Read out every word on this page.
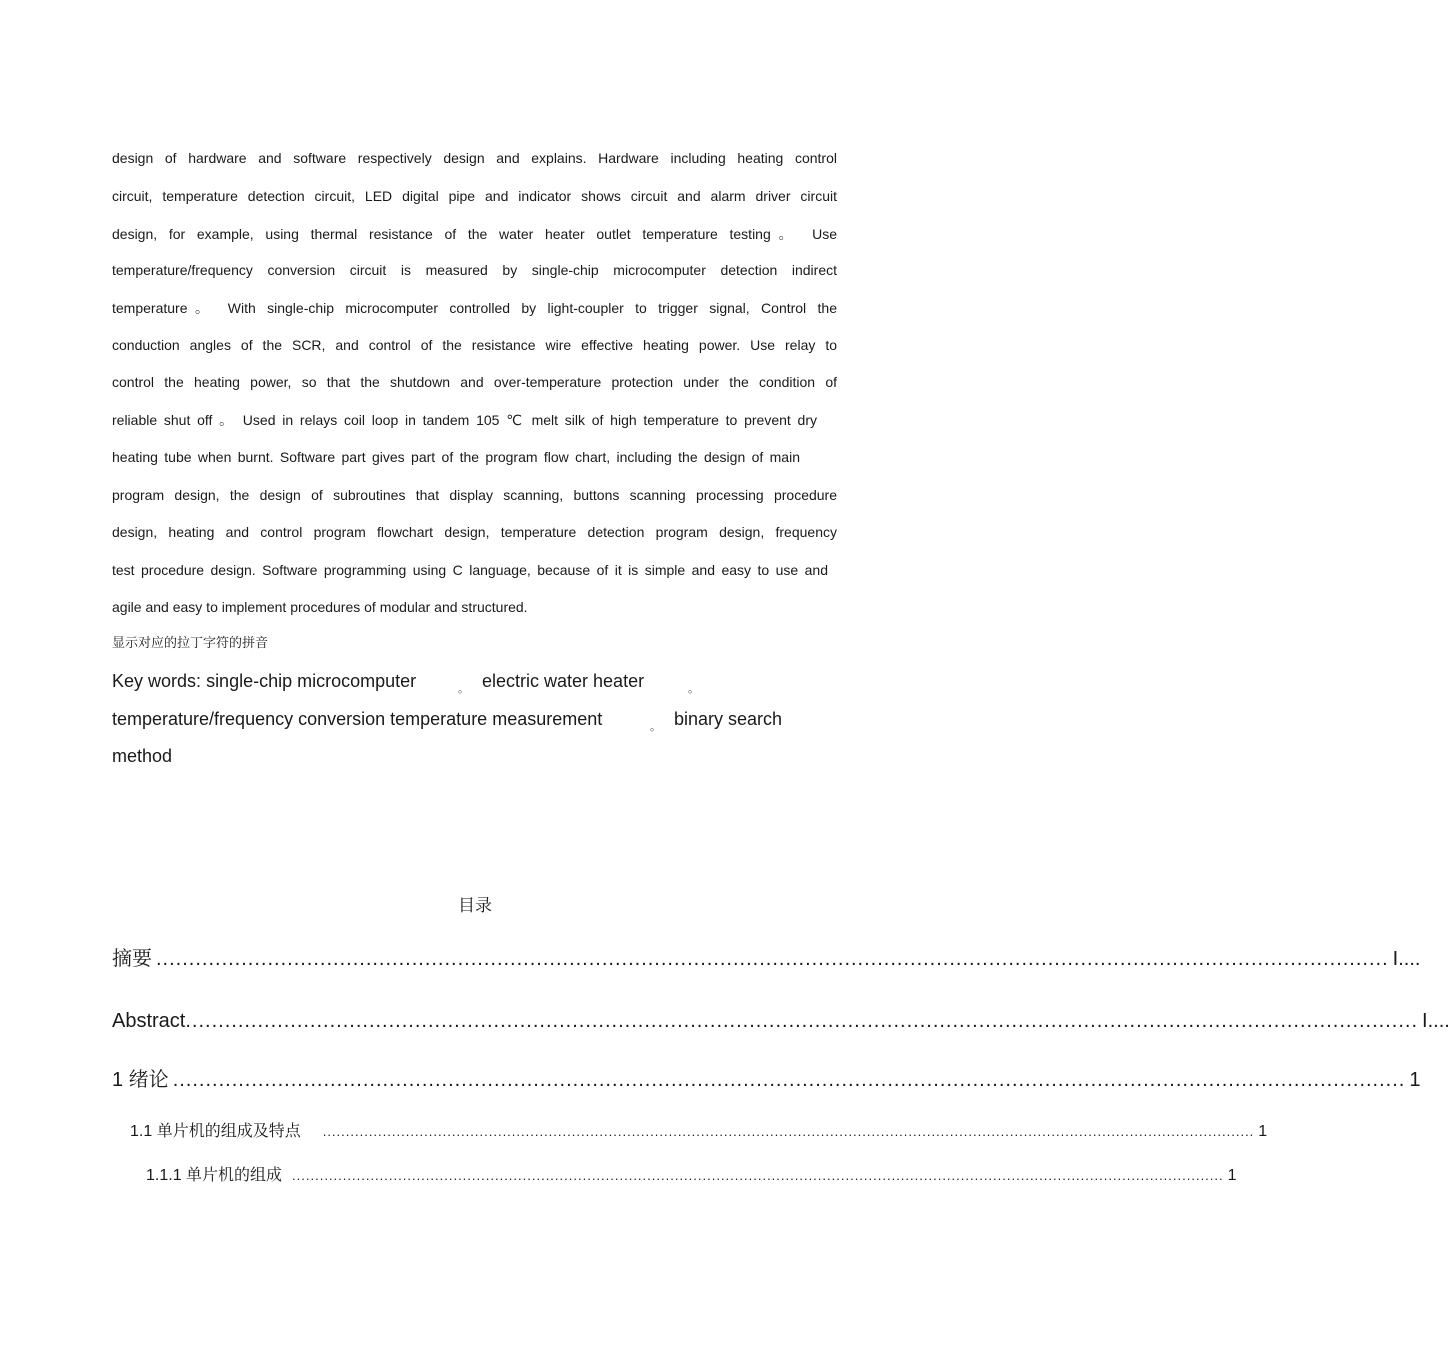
design of hardware and software respectively design and explains. Hardware including heating control
circuit, temperature detection circuit, LED digital pipe and indicator shows circuit and alarm driver circuit
design, for example, using thermal resistance of the water heater outlet temperature testing。 Use
temperature/frequency conversion circuit is measured by single-chip microcomputer detection indirect
temperature。 With single-chip microcomputer controlled by light-coupler to trigger signal, Control the
conduction angles of the SCR, and control of the resistance wire effective heating power. Use relay to
control the heating power, so that the shutdown and over-temperature protection under the condition of
reliable shut off 。 Used in relays coil loop in tandem 105 ℃ melt silk of high temperature to prevent dry
heating tube when burnt. Software part gives part of the program flow chart, including the design of main
program design, the design of subroutines that display scanning, buttons scanning processing procedure
design, heating and control program flowchart design, temperature detection program design, frequency
test procedure design. Software programming using C language, because of it is simple and easy to use and
agile and easy to implement procedures of modular and structured.
显示对应的拉丁字符的拼音
Key words: single-chip microcomputer	。 electric water heater	。
temperature/frequency conversion temperature measurement	。 binary search
method
目录
摘要 ............................................................................................................................................................................................ I....
Abstract ............................................................................................................................................................................................ I....
1 绪论 ............................................................................................................................................................................................ 1
1.1 单片机的组成及特点 .......................................................................................................................................................................................................... 1
1.1.1 单片机的组成 .......................................................................................................................................................................................................... 1
